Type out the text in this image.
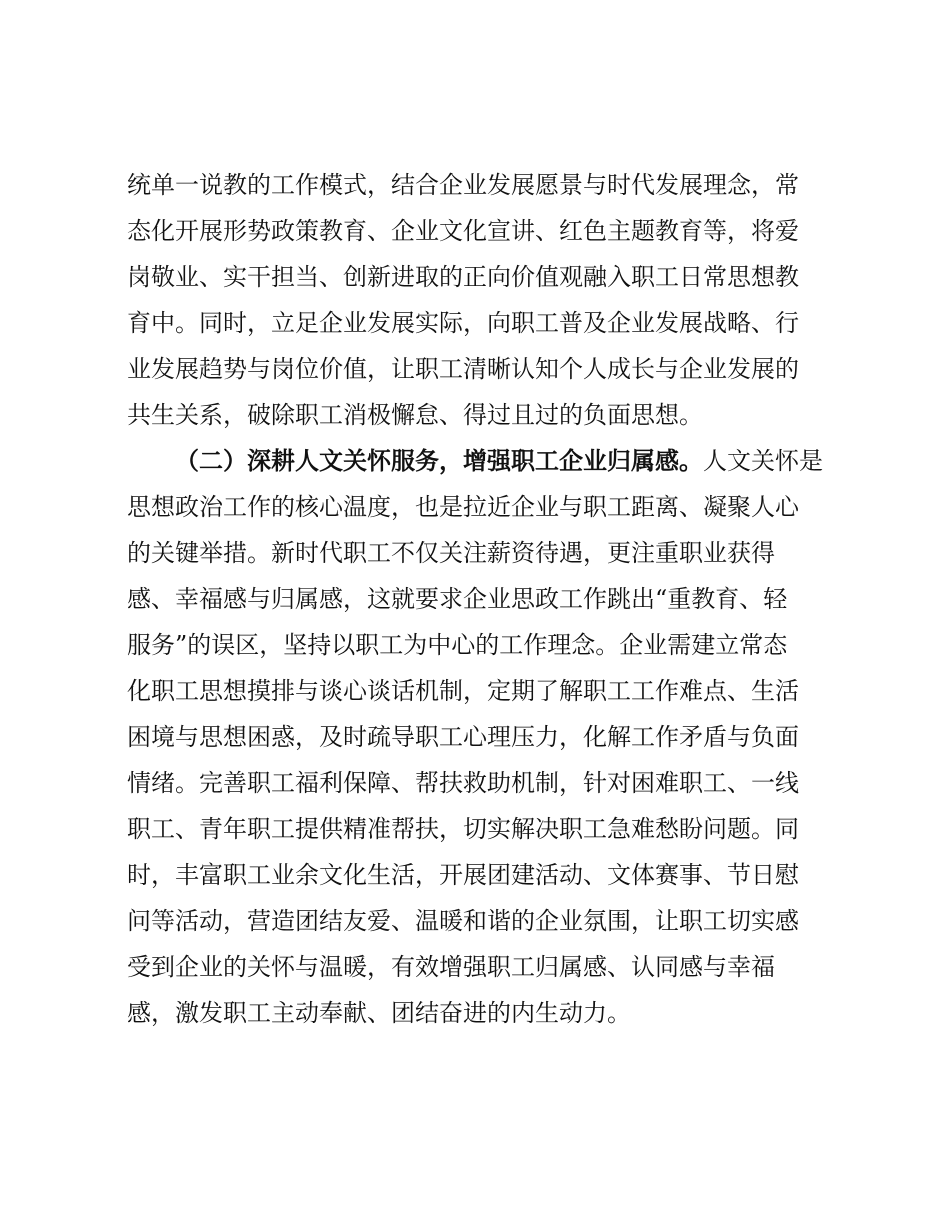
统单一说教的工作模式，结合企业发展愿景与时代发展理念，常
态化开展形势政策教育、企业文化宣讲、红色主题教育等，将爱
岗敬业、实干担当、创新进取的正向价值观融入职工日常思想教
育中。同时，立足企业发展实际，向职工普及企业发展战略、行
业发展趋势与岗位价值，让职工清晰认知个人成长与企业发展的
共生关系，破除职工消极懈怠、得过且过的负面思想。
（二）深耕人文关怀服务，增强职工企业归属感。人文关怀是
思想政治工作的核心温度，也是拉近企业与职工距离、凝聚人心
的关键举措。新时代职工不仅关注薪资待遇，更注重职业获得
感、幸福感与归属感，这就要求企业思政工作跳出“重教育、轻
服务”的误区，坚持以职工为中心的工作理念。企业需建立常态
化职工思想摸排与谈心谈话机制，定期了解职工工作难点、生活
困境与思想困惑，及时疏导职工心理压力，化解工作矛盾与负面
情绪。完善职工福利保障、帮扶救助机制，针对困难职工、一线
职工、青年职工提供精准帮扶，切实解决职工急难愁盼问题。同
时，丰富职工业余文化生活，开展团建活动、文体赛事、节日慰
问等活动，营造团结友爱、温暖和谐的企业氛围，让职工切实感
受到企业的关怀与温暖，有效增强职工归属感、认同感与幸福
感，激发职工主动奉献、团结奋进的内生动力。
